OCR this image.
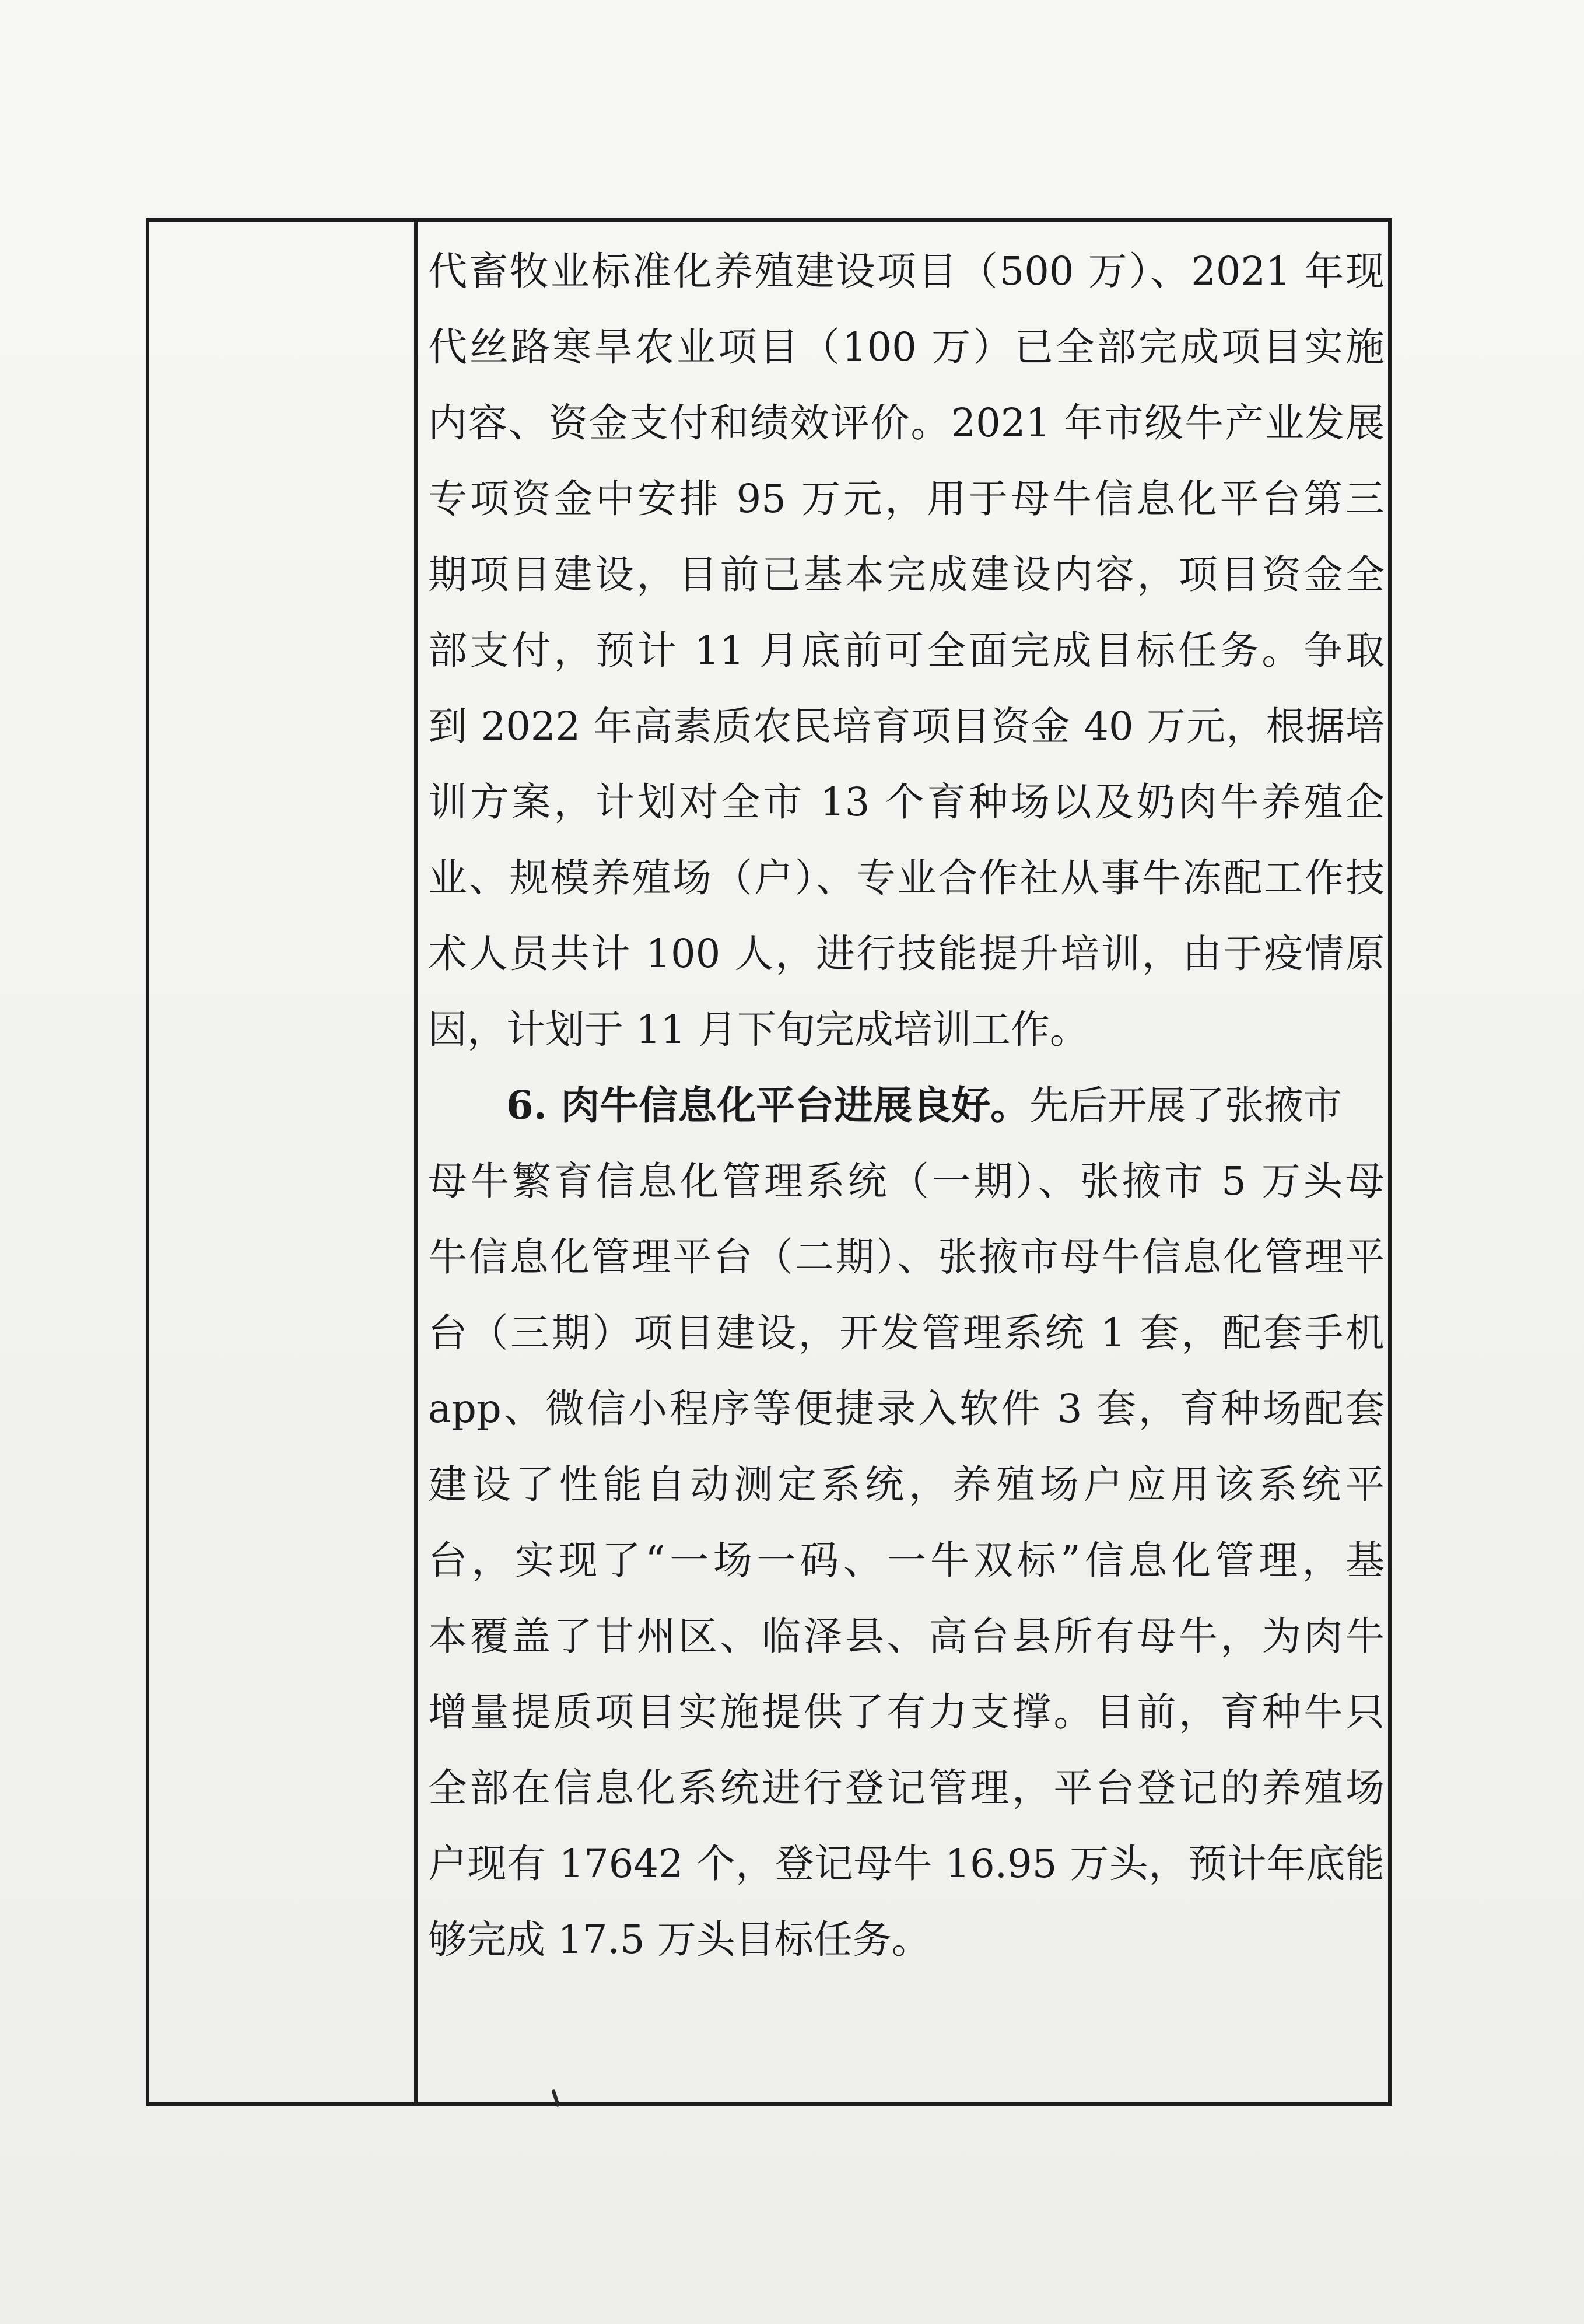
代畜牧业标准化养殖建设项目（500 万）、2021 年现
代丝路寒旱农业项目（100 万）已全部完成项目实施
内容、资金支付和绩效评价。2021 年市级牛产业发展
专项资金中安排 95 万元，用于母牛信息化平台第三
期项目建设，目前已基本完成建设内容，项目资金全
部支付，预计 11 月底前可全面完成目标任务。争取
到 2022 年高素质农民培育项目资金 40 万元，根据培
训方案，计划对全市 13 个育种场以及奶肉牛养殖企
业、规模养殖场（户）、专业合作社从事牛冻配工作技
术人员共计 100 人，进行技能提升培训，由于疫情原
因，计划于 11 月下旬完成培训工作。
6. 肉牛信息化平台进展良好。先后开展了张掖市
母牛繁育信息化管理系统（一期）、张掖市 5 万头母
牛信息化管理平台（二期）、张掖市母牛信息化管理平
台（三期）项目建设，开发管理系统 1 套，配套手机
app、微信小程序等便捷录入软件 3 套，育种场配套
建设了性能自动测定系统，养殖场户应用该系统平
台，实现了“一场一码、一牛双标”信息化管理，基
本覆盖了甘州区、临泽县、高台县所有母牛，为肉牛
增量提质项目实施提供了有力支撑。目前，育种牛只
全部在信息化系统进行登记管理，平台登记的养殖场
户现有 17642 个，登记母牛 16.95 万头，预计年底能
够完成 17.5 万头目标任务。
